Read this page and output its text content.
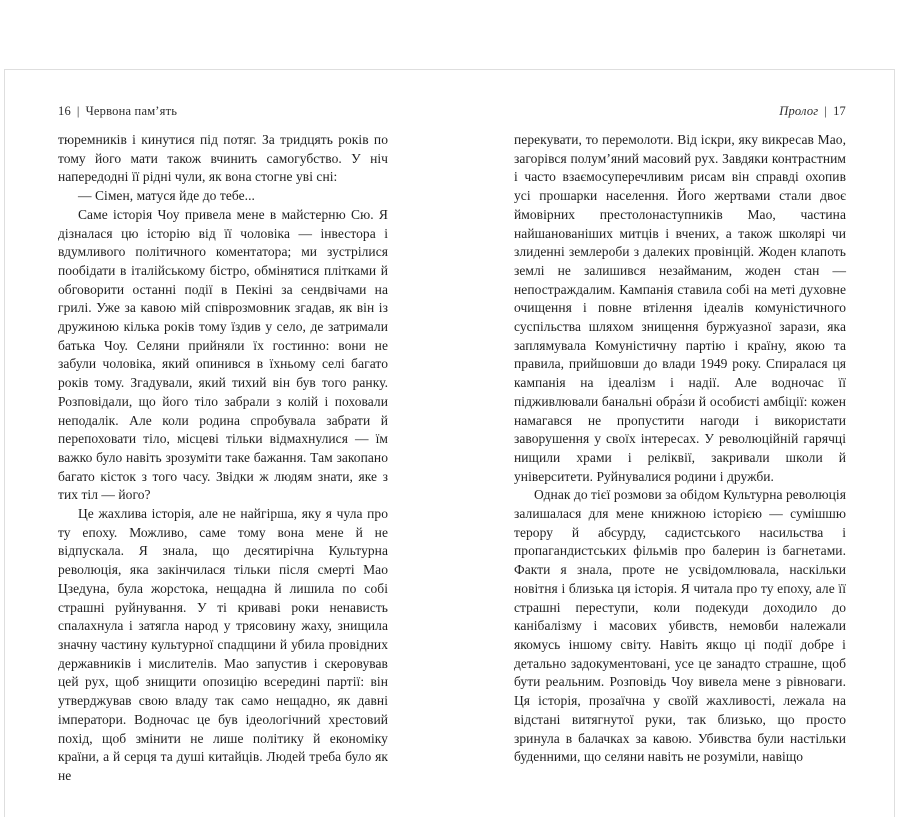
16 | Червона пам’ять

тюремників і кинутися під потяг. За тридцять років по тому його мати також вчинить самогубство. У ніч напередодні її рідні чули, як вона стогне уві сні:

— Сімен, матуся йде до тебе...

Саме історія Чоу привела мене в майстерню Сю. Я дізналася цю історію від її чоловіка — інвестора і вдумливого політичного коментатора; ми зустрілися пообідати в італійському бістро, обмінятися плітками й обговорити останні події в Пекіні за сендвічами на грилі. Уже за кавою мій співрозмовник згадав, як він із дружиною кілька років тому їздив у село, де затримали батька Чоу. Селяни прийняли їх гостинно: вони не забули чоловіка, який опинився в їхньому селі багато років тому. Згадували, який тихий він був того ранку. Розповідали, що його тіло забрали з колій і поховали неподалік. Але коли родина спробувала забрати й перепоховати тіло, місцеві тільки відмахнулися — їм важко було навіть зрозуміти таке бажання. Там закопано багато кісток з того часу. Звідки ж людям знати, яке з тих тіл — його?

Це жахлива історія, але не найгірша, яку я чула про ту епоху. Можливо, саме тому вона мене й не відпускала. Я знала, що десятирічна Культурна революція, яка закінчилася тільки після смерті Мао Цзедуна, була жорстока, нещадна й лишила по собі страшні руйнування. У ті криваві роки ненависть спалахнула і затягла народ у трясовину жаху, знищила значну частину культурної спадщини й убила провідних державників і мислителів. Мао запустив і скеровував цей рух, щоб знищити опозицію всередині партії: він утверджував свою владу так само нещадно, як давні імператори. Водночас це був ідеологічний хрестовий похід, щоб змінити не лише політику й економіку країни, а й серця та душі китайців. Людей треба було як не

Пролог | 17

перекувати, то перемолоти. Від іскри, яку викресав Мао, загорівся полум’яний масовий рух. Завдяки контрастним і часто взаємосуперечливим рисам він справді охопив усі прошарки населення. Його жертвами стали двоє ймовірних престолонаступників Мао, частина найшанованіших митців і вчених, а також школярі чи злиденні землероби з далеких провінцій. Жоден клапоть землі не залишився незайманим, жоден стан — непостраждалим. Кампанія ставила собі на меті духовне очищення і повне втілення ідеалів комуністичного суспільства шляхом знищення буржуазної зарази, яка заплямувала Комуністичну партію і країну, якою та правила, прийшовши до влади 1949 року. Спиралася ця кампанія на ідеалізм і надії. Але водночас її підживлювали банальні обра́зи й особисті амбіції: кожен намагався не пропустити нагоди і використати заворушення у своїх інтересах. У революційній гарячці нищили храми і реліквії, закривали школи й університети. Руйнувалися родини і дружби.

Однак до тієї розмови за обідом Культурна революція залишалася для мене книжною історією — сумішшю терору й абсурду, садистського насильства і пропагандистських фільмів про балерин із багнетами. Факти я знала, проте не усвідомлювала, наскільки новітня і близька ця історія. Я читала про ту епоху, але її страшні переступи, коли подекуди доходило до канібалізму і масових убивств, немовби належали якомусь іншому світу. Навіть якщо ці події добре і детально задокументовані, усе це занадто страшне, щоб бути реальним. Розповідь Чоу вивела мене з рівноваги. Ця історія, прозаїчна у своїй жахливості, лежала на відстані витягнутої руки, так близько, що просто зринула в балачках за кавою. Убивства були настільки буденними, що селяни навіть не розуміли, навіщо
